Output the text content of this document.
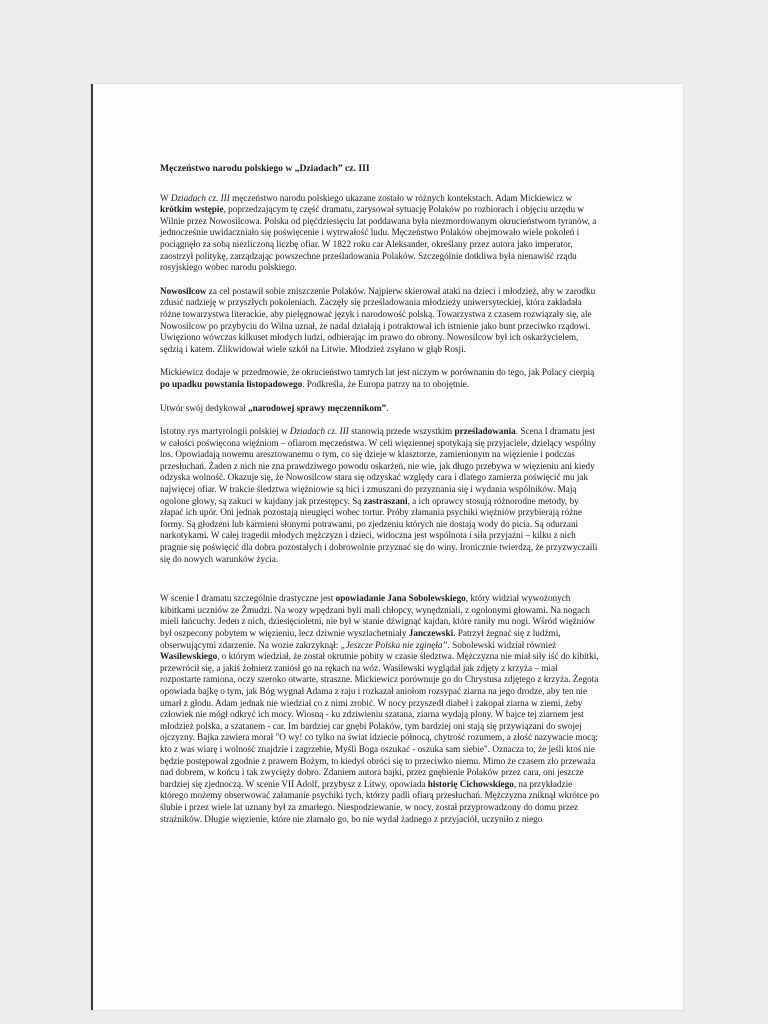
Męczeństwo narodu polskiego w „Dziadach” cz. III

W Dziadach cz. III męczeństwo narodu polskiego ukazane zostało w różnych kontekstach. Adam Mickiewicz w krótkim wstępie, poprzedzającym tę część dramatu, zarysował sytuację Polaków po rozbiorach i objęciu urzędu w Wilnie przez Nowosilcowa. Polska od pięćdziesięciu lat poddawana była niezmordowanym okrucieństwom tyranów, a jednocześnie uwidaczniało się poświęcenie i wytrwałość ludu. Męczeństwo Polaków obejmowało wiele pokoleń i pociągnęło za sobą niezliczoną liczbę ofiar. W 1822 roku car Aleksander, określany przez autora jako imperator, zaostrzył politykę, zarządzając powszechne prześladowania Polaków. Szczególnie dotkliwa była nienawiść rządu rosyjskiego wobec narodu polskiego.

Nowosilcow za cel postawił sobie zniszczenie Polaków. Najpierw skierował ataki na dzieci i młodzież, aby w zarodku zdusić nadzieję w przyszłych pokoleniach. Zaczęły się prześladowania młodzieży uniwersyteckiej, która zakładała różne towarzystwa literackie, aby pielęgnować język i narodowość polską. Towarzystwa z czasem rozwiązały się, ale Nowosilcow po przybyciu do Wilna uznał, że nadal działają i potraktował ich istnienie jako bunt przeciwko rządowi. Uwięziono wówczas kilkuset młodych ludzi, odbierając im prawo do obrony. Nowosilcow był ich oskarżycielem, sędzią i katem. Zlikwidował wiele szkół na Litwie. Młodzież zsyłano w głąb Rosji.

Mickiewicz dodaje w przedmowie, że okrucieństwo tamtych lat jest niczym w porównaniu do tego, jak Polacy cierpią po upadku powstania listopadowego. Podkreśla, że Europa patrzy na to obojętnie.

Utwór swój dedykował „narodowej sprawy męczennikom”.

Istotny rys martyrologii polskiej w Dziadach cz. III stanowią przede wszystkim prześladowania. Scena I dramatu jest w całości poświęcona więźniom – ofiarom męczeństwa. W celi więziennej spotykają się przyjaciele, dzielący wspólny los. Opowiadają nowemu aresztowanemu o tym, co się dzieje w klasztorze, zamienionym na więzienie i podczas przesłuchań. Żaden z nich nie zna prawdziwego powodu oskarżeń, nie wie, jak długo przebywa w więzieniu ani kiedy odzyska wolność. Okazuje się, że Nowosilcow stara się odzyskać względy cara i dlatego zamierza poświęcić mu jak najwięcej ofiar. W trakcie śledztwa więźniowie są bici i zmuszani do przyznania się i wydania wspólników. Mają ogolone głowy, są zakuci w kajdany jak przestępcy. Są zastraszani, a ich oprawcy stosują różnorodne metody, by złapać ich upór. Oni jednak pozostają nieugięci wobec tortur. Próby złamania psychiki więźniów przybierają różne formy. Są głodzeni lub karmieni słonymi potrawami, po zjedzeniu których nie dostają wody do picia. Są odurzani narkotykami. W całej tragedii młodych mężczyzn i dzieci, widoczna jest wspólnota i siła przyjaźni – kilku z nich pragnie się poświęcić dla dobra pozostałych i dobrowolnie przyznać się do winy. Ironicznie twierdzą, że przyzwyczaili się do nowych warunków życia.

W scenie I dramatu szczególnie drastyczne jest opowiadanie Jana Sobolewskiego, który widział wywożonych kibitkami uczniów ze Żmudzi. Na wozy wpędzani byli mali chłopcy, wynędzniali, z ogolonymi głowami. Na nogach mieli łańcuchy. Jeden z nich, dziesięcioletni, nie był w stanie dźwignąć kajdan, które raniły mu nogi. Wśród więźniów był oszpecony pobytem w więzieniu, lecz dziwnie wyszlachetniały Janczewski. Patrzył żegnać się z ludźmi, obserwującymi zdarzenie. Na wozie zakrzyknął: „Jeszcze Polska nie zginęła”. Sobolewski widział również Wasilewskiego, o którym wiedział, że został okrutnie pobity w czasie śledztwa. Mężczyzna nie miał siły iść do kibitki, przewrócił się, a jakiś żołnierz zaniósł go na rękach na wóz. Wasilewski wyglądał jak zdjęty z krzyża – miał rozpostarte ramiona, oczy szeroko otwarte, straszne. Mickiewicz porównuje go do Chrystusa zdjętego z krzyża. Żegota opowiada bajkę o tym, jak Bóg wygnał Adama z raju i rozkazał aniołom rozsypać ziarna na jego drodze, aby ten nie umarł z głodu. Adam jednak nie wiedział co z nimi zrobić. W nocy przyszedł diabeł i zakopał ziarna w ziemi, żeby człowiek nie mógł odkryć ich mocy. Wiosną - ku zdziwieniu szatana, ziarna wydają plony. W bajce tej ziarnem jest młodzież polska, a szatanem - car. Im bardziej car gnębi Polaków, tym bardziej oni stają się przywiązani do swojej ojczyzny. Bajka zawiera morał "O wy! co tylko na świat idziecie północą, chytrość rozumem, a złość nazywacie mocą; kto z was wiarę i wolność znajdzie i zagrzebie, Myśli Boga oszukać - oszuka sam siebie". Oznacza to, że jeśli ktoś nie będzie postępował zgodnie z prawem Bożym, to kiedyś obróci się to przeciwko niemu. Mimo że czasem zło przeważa nad dobrem, w końcu i tak zwycięży dobro. Zdaniem autora bajki, przez gnębienie Polaków przez cara, oni jeszcze bardziej się zjednoczą. W scenie VII Adolf, przybysz z Litwy, opowiada historię Cichowskiego, na przykładzie którego możemy obserwować załamanie psychiki tych, którzy padli ofiarą przesłuchań. Mężczyzna zniknął wkrótce po ślubie i przez wiele lat uznany był za zmarłego. Niespodziewanie, w nocy, został przyprowadzony do domu przez strażników. Długie więzienie, które nie złamało go, bo nie wydał żadnego z przyjaciół, uczyniło z niego
